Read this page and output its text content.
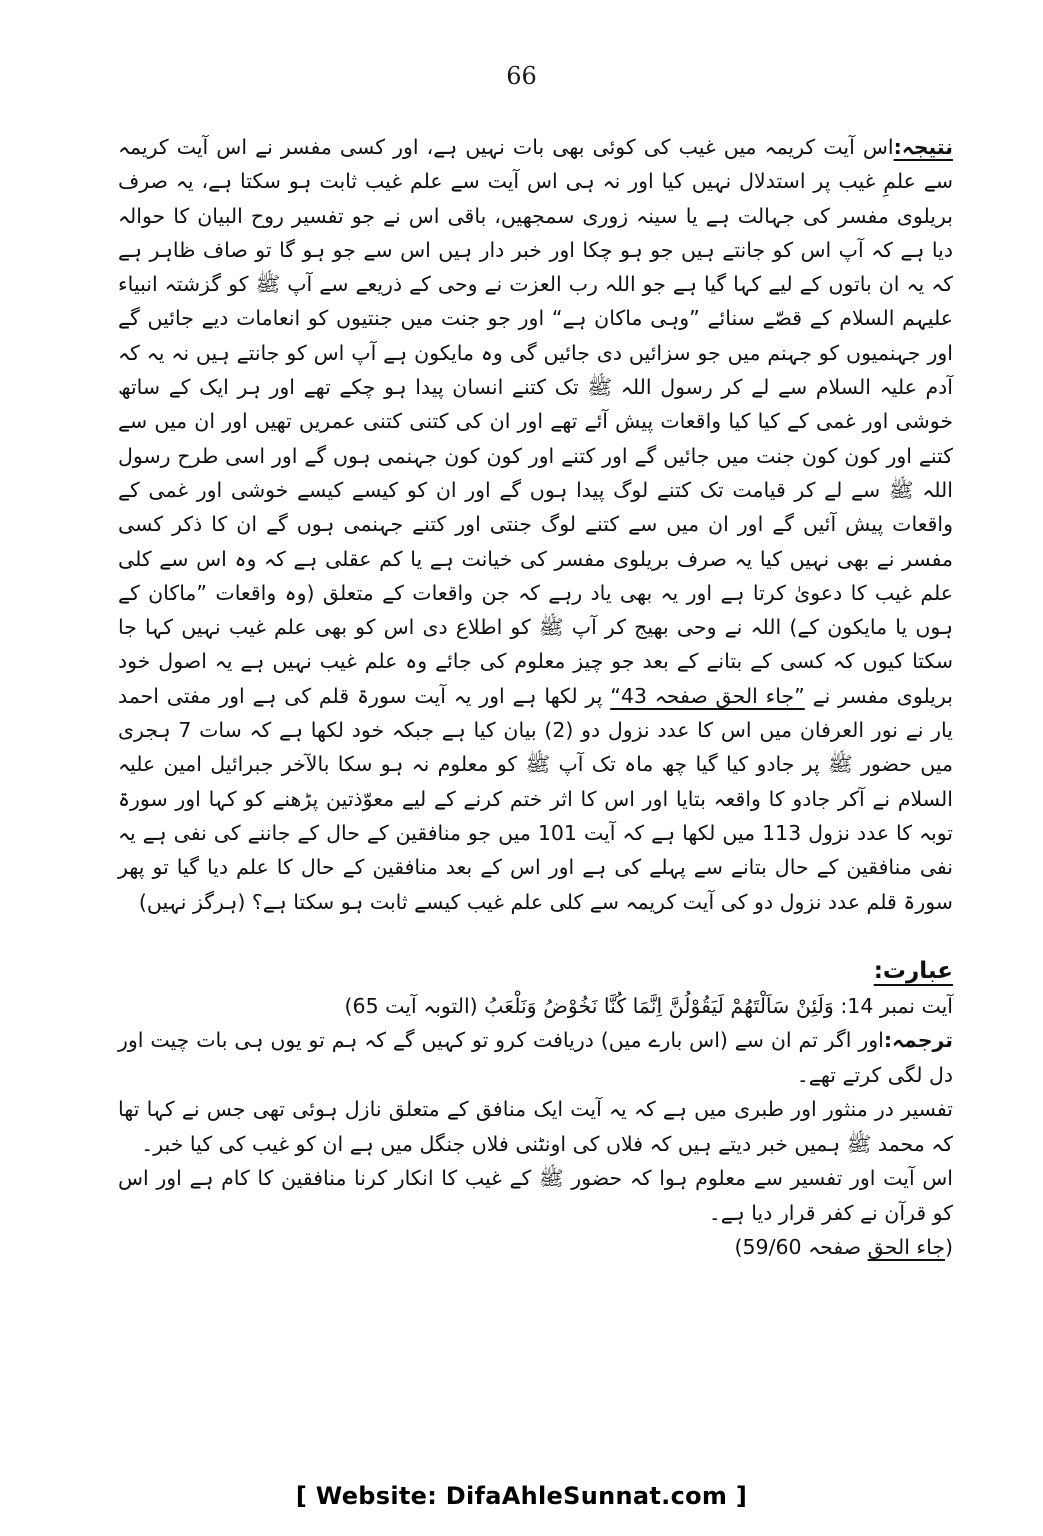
66

نتیجہ:اس آیت کریمہ میں غیب کی کوئی بھی بات نہیں ہے، اور کسی مفسر نے اس آیت کریمہ سے علمِ غیب پر استدلال نہیں کیا اور نہ ہی اس آیت سے علم غیب ثابت ہو سکتا ہے، یہ صرف بریلوی مفسر کی جہالت ہے یا سینہ زوری سمجھیں، باقی اس نے جو تفسیر روح البیان کا حوالہ دیا ہے کہ آپ اس کو جانتے ہیں جو ہو چکا اور خبر دار ہیں اس سے جو ہو گا تو صاف ظاہر ہے کہ یہ ان باتوں کے لیے کہا گیا ہے جو اللہ رب العزت نے وحی کے ذریعے سے آپ ﷺ کو گزشتہ انبیاء علیہم السلام کے قصّے سنائے ”وہی ماکان ہے“ اور جو جنت میں جنتیوں کو انعامات دیے جائیں گے اور جہنمیوں کو جہنم میں جو سزائیں دی جائیں گی وہ مایکون ہے آپ اس کو جانتے ہیں نہ یہ کہ آدم علیہ السلام سے لے کر رسول اللہ ﷺ تک کتنے انسان پیدا ہو چکے تھے اور ہر ایک کے ساتھ خوشی اور غمی کے کیا کیا واقعات پیش آئے تھے اور ان کی کتنی کتنی عمریں تھیں اور ان میں سے کتنے اور کون کون جنت میں جائیں گے اور کتنے اور کون کون جہنمی ہوں گے اور اسی طرح رسول اللہ ﷺ سے لے کر قیامت تک کتنے لوگ پیدا ہوں گے اور ان کو کیسے کیسے خوشی اور غمی کے واقعات پیش آئیں گے اور ان میں سے کتنے لوگ جنتی اور کتنے جہنمی ہوں گے ان کا ذکر کسی مفسر نے بھی نہیں کیا یہ صرف بریلوی مفسر کی خیانت ہے یا کم عقلی ہے کہ وہ اس سے کلی علم غیب کا دعویٰ کرتا ہے اور یہ بھی یاد رہے کہ جن واقعات کے متعلق (وہ واقعات ”ماکان کے ہوں یا مایکون کے) اللہ نے وحی بھیج کر آپ ﷺ کو اطلاع دی اس کو بھی علم غیب نہیں کہا جا سکتا کیوں کہ کسی کے بتانے کے بعد جو چیز معلوم کی جائے وہ علم غیب نہیں ہے یہ اصول خود بریلوی مفسر نے ”جاء الحق صفحہ 43“ پر لکھا ہے اور یہ آیت سورۃ قلم کی ہے اور مفتی احمد یار نے نور العرفان میں اس کا عدد نزول دو (2) بیان کیا ہے جبکہ خود لکھا ہے کہ سات 7 ہجری میں حضور ﷺ پر جادو کیا گیا چھ ماہ تک آپ ﷺ کو معلوم نہ ہو سکا بالآخر جبرائیل امین علیہ السلام نے آکر جادو کا واقعہ بتایا اور اس کا اثر ختم کرنے کے لیے معوّذتین پڑھنے کو کہا اور سورۃ توبہ کا عدد نزول 113 میں لکھا ہے کہ آیت 101 میں جو منافقین کے حال کے جاننے کی نفی ہے یہ نفی منافقین کے حال بتانے سے پہلے کی ہے اور اس کے بعد منافقین کے حال کا علم دیا گیا تو پھر سورۃ قلم عدد نزول دو کی آیت کریمہ سے کلی علم غیب کیسے ثابت ہو سکتا ہے؟ (ہرگز نہیں)

عبارت:

آیت نمبر 14: وَلَئِنْ سَاَلْتَهُمْ لَيَقُوْلُنَّ اِنَّمَا كُنَّا نَخُوْضُ وَنَلْعَبُ (التوبہ آیت 65)

ترجمہ:اور اگر تم ان سے (اس بارے میں) دریافت کرو تو کہیں گے کہ ہم تو یوں ہی بات چیت اور دل لگی کرتے تھے۔

تفسیر در منثور اور طبری میں ہے کہ یہ آیت ایک منافق کے متعلق نازل ہوئی تھی جس نے کہا تھا کہ محمد ﷺ ہمیں خبر دیتے ہیں کہ فلاں کی اونٹنی فلاں جنگل میں ہے ان کو غیب کی کیا خبر۔

اس آیت اور تفسیر سے معلوم ہوا کہ حضور ﷺ کے غیب کا انکار کرنا منافقین کا کام ہے اور اس کو قرآن نے کفر قرار دیا ہے۔

(جاء الحق صفحہ 59/60)

[ Website: DifaAhleSunnat.com ]
